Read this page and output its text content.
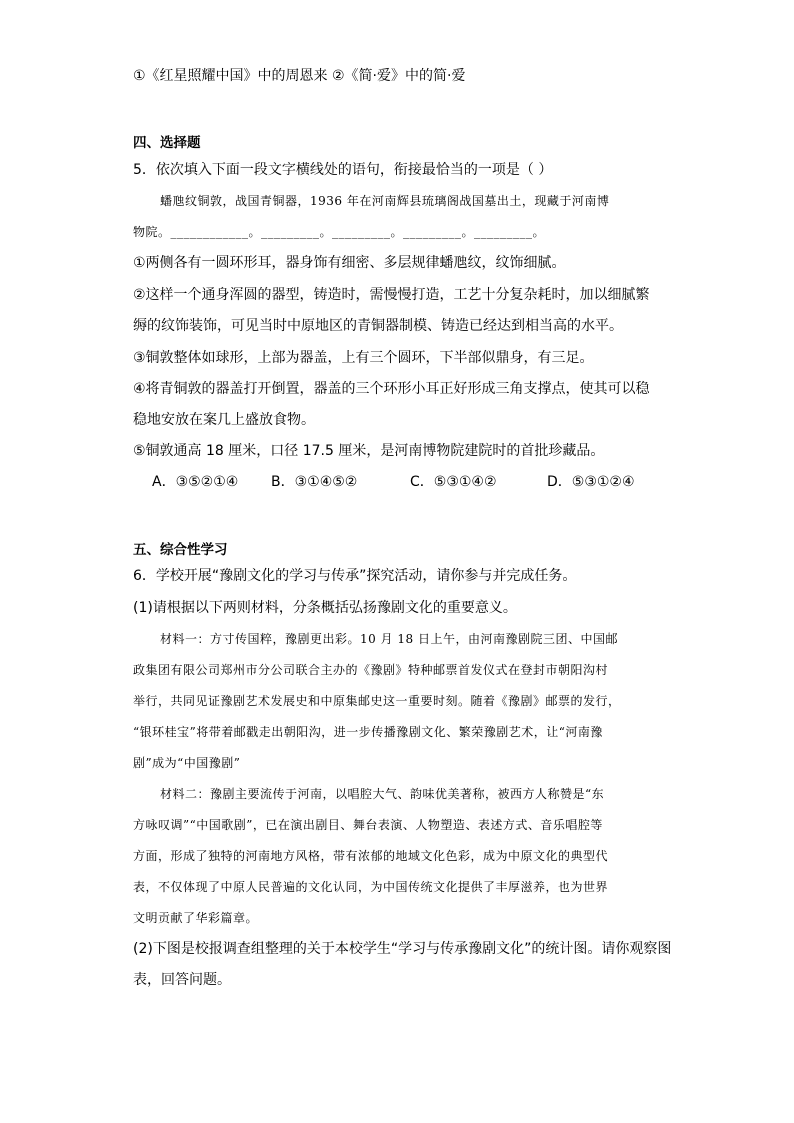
①《红星照耀中国》中的周恩来 ②《简·爱》中的简·爱
四、选择题
5．依次填入下面一段文字横线处的语句，衔接最恰当的一项是（ ）
蟠虺纹铜敦，战国青铜器，1936 年在河南辉县琉璃阁战国墓出土，现藏于河南博
物院。____________。_________。_________。_________。_________。
①两侧各有一圆环形耳，器身饰有细密、多层规律蟠虺纹，纹饰细腻。
②这样一个通身浑圆的器型，铸造时，需慢慢打造，工艺十分复杂耗时，加以细腻繁
缛的纹饰装饰，可见当时中原地区的青铜器制模、铸造已经达到相当高的水平。
③铜敦整体如球形，上部为器盖，上有三个圆环，下半部似鼎身，有三足。
④将青铜敦的器盖打开倒置，器盖的三个环形小耳正好形成三角支撑点，使其可以稳
稳地安放在案几上盛放食物。
⑤铜敦通高 18 厘米，口径 17.5 厘米，是河南博物院建院时的首批珍藏品。
A．③⑤②①④ B．③①④⑤②	C．⑤③①④②	D．⑤③①②④
五、综合性学习
6．学校开展“豫剧文化的学习与传承”探究活动，请你参与并完成任务。
(1)请根据以下两则材料，分条概括弘扬豫剧文化的重要意义。
材料一：方寸传国粹，豫剧更出彩。10 月 18 日上午，由河南豫剧院三团、中国邮
政集团有限公司郑州市分公司联合主办的《豫剧》特种邮票首发仪式在登封市朝阳沟村
举行，共同见证豫剧艺术发展史和中原集邮史这一重要时刻。随着《豫剧》邮票的发行，
“银环桂宝”将带着邮戳走出朝阳沟，进一步传播豫剧文化、繁荣豫剧艺术，让“河南豫
剧”成为“中国豫剧”
材料二：豫剧主要流传于河南，以唱腔大气、韵味优美著称，被西方人称赞是“东
方咏叹调”“中国歌剧”，已在演出剧目、舞台表演、人物塑造、表述方式、音乐唱腔等
方面，形成了独特的河南地方风格，带有浓郁的地域文化色彩，成为中原文化的典型代
表，不仅体现了中原人民普遍的文化认同，为中国传统文化提供了丰厚滋养，也为世界
文明贡献了华彩篇章。
(2)下图是校报调查组整理的关于本校学生“学习与传承豫剧文化”的统计图。请你观察图
表，回答问题。
